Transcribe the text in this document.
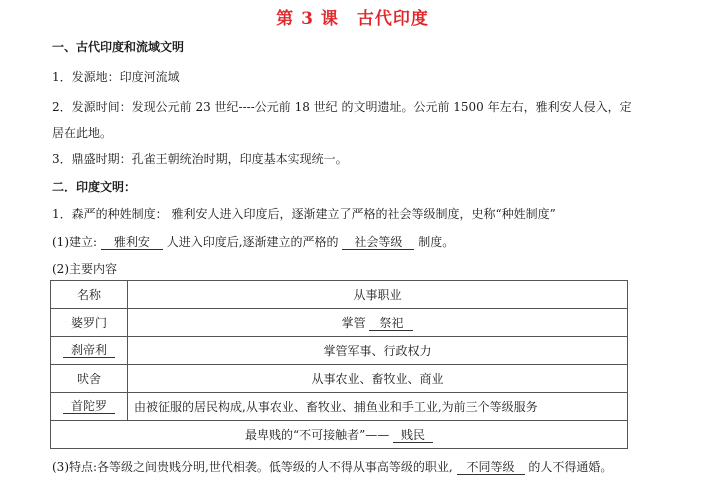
第 3 课　古代印度
一、古代印度和流域文明
1．发源地：印度河流域
2．发源时间：发现公元前 23 世纪----公元前 18 世纪 的文明遗址。公元前 1500 年左右，雅利安人侵入，定
居在此地。
3．鼎盛时期：孔雀王朝统治时期，印度基本实现统一。
二．印度文明：
1．森严的种姓制度： 雅利安人进入印度后，逐渐建立了严格的社会等级制度，史称“种姓制度”
(1)建立: 雅利安 人进入印度后,逐渐建立的严格的 社会等级 制度。
(2)主要内容
名称	从事职业
婆罗门	掌管 祭祀
刹帝利	掌管军事、行政权力
吠舍	从事农业、畜牧业、商业
首陀罗	由被征服的居民构成,从事农业、畜牧业、捕鱼业和手工业,为前三个等级服务
最卑贱的“不可接触者”—— 贱民	
(3)特点:各等级之间贵贱分明,世代相袭。低等级的人不得从事高等级的职业, 不同等级 的人不得通婚。
